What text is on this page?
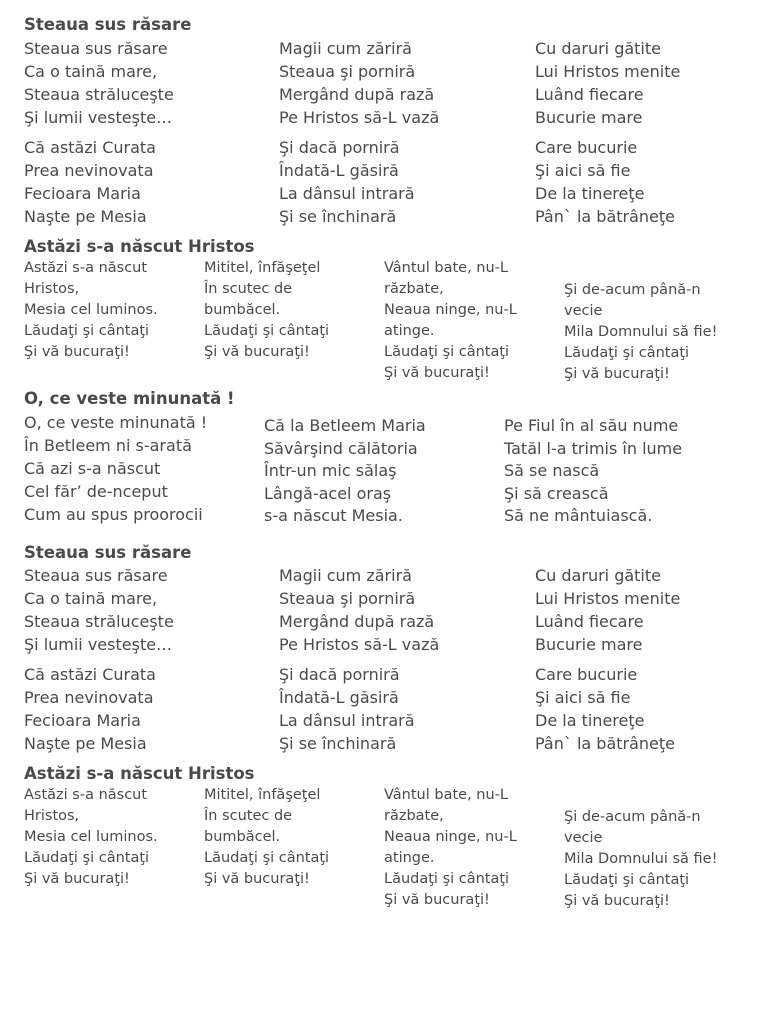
Steaua sus răsare
Steaua sus răsare
Ca o taină mare,
Steaua străluceşte
Şi lumii vesteşte…
Magii cum zăriră
Steaua şi porniră
Mergând după rază
Pe Hristos să-L vază
Cu daruri gătite
Lui Hristos menite
Luând fiecare
Bucurie mare
Că astăzi Curata
Prea nevinovata
Fecioara Maria
Naşte pe Mesia
Şi dacă porniră
Îndată-L găsiră
La dânsul intrară
Şi se închinară
Care bucurie
Şi aici să fie
De la tinereţe
Pân` la bătrâneţe
Astăzi s-a născut Hristos
Astăzi s-a născut
Hristos,
Mesia cel luminos.
Lăudaţi şi cântaţi
Şi vă bucuraţi!
Mititel, înfăşeţel
În scutec de
bumbăcel.
Lăudaţi şi cântaţi
Şi vă bucuraţi!
Vântul bate, nu-L
răzbate,
Neaua ninge, nu-L
atinge.
Lăudaţi şi cântaţi
Şi vă bucuraţi!
Şi de-acum până-n
vecie
Mila Domnului să fie!
Lăudaţi şi cântaţi
Şi vă bucuraţi!
O, ce veste minunată !
O, ce veste minunată !
În Betleem ni s-arată
Că azi s-a născut
Cel făr’ de-nceput
Cum au spus proorocii
Că la Betleem Maria
Săvârşind călătoria
Într-un mic sălaş
Lângă-acel oraş
s-a născut Mesia.
Pe Fiul în al său nume
Tatăl l-a trimis în lume
Să se nască
Şi să crească
Să ne mântuiască.
Steaua sus răsare
Steaua sus răsare
Ca o taină mare,
Steaua străluceşte
Şi lumii vesteşte…
Magii cum zăriră
Steaua şi porniră
Mergând după rază
Pe Hristos să-L vază
Cu daruri gătite
Lui Hristos menite
Luând fiecare
Bucurie mare
Că astăzi Curata
Prea nevinovata
Fecioara Maria
Naşte pe Mesia
Şi dacă porniră
Îndată-L găsiră
La dânsul intrară
Şi se închinară
Care bucurie
Şi aici să fie
De la tinereţe
Pân` la bătrâneţe
Astăzi s-a născut Hristos
Astăzi s-a născut
Hristos,
Mesia cel luminos.
Lăudaţi şi cântaţi
Şi vă bucuraţi!
Mititel, înfăşeţel
În scutec de
bumbăcel.
Lăudaţi şi cântaţi
Şi vă bucuraţi!
Vântul bate, nu-L
răzbate,
Neaua ninge, nu-L
atinge.
Lăudaţi şi cântaţi
Şi vă bucuraţi!
Şi de-acum până-n
vecie
Mila Domnului să fie!
Lăudaţi şi cântaţi
Şi vă bucuraţi!
